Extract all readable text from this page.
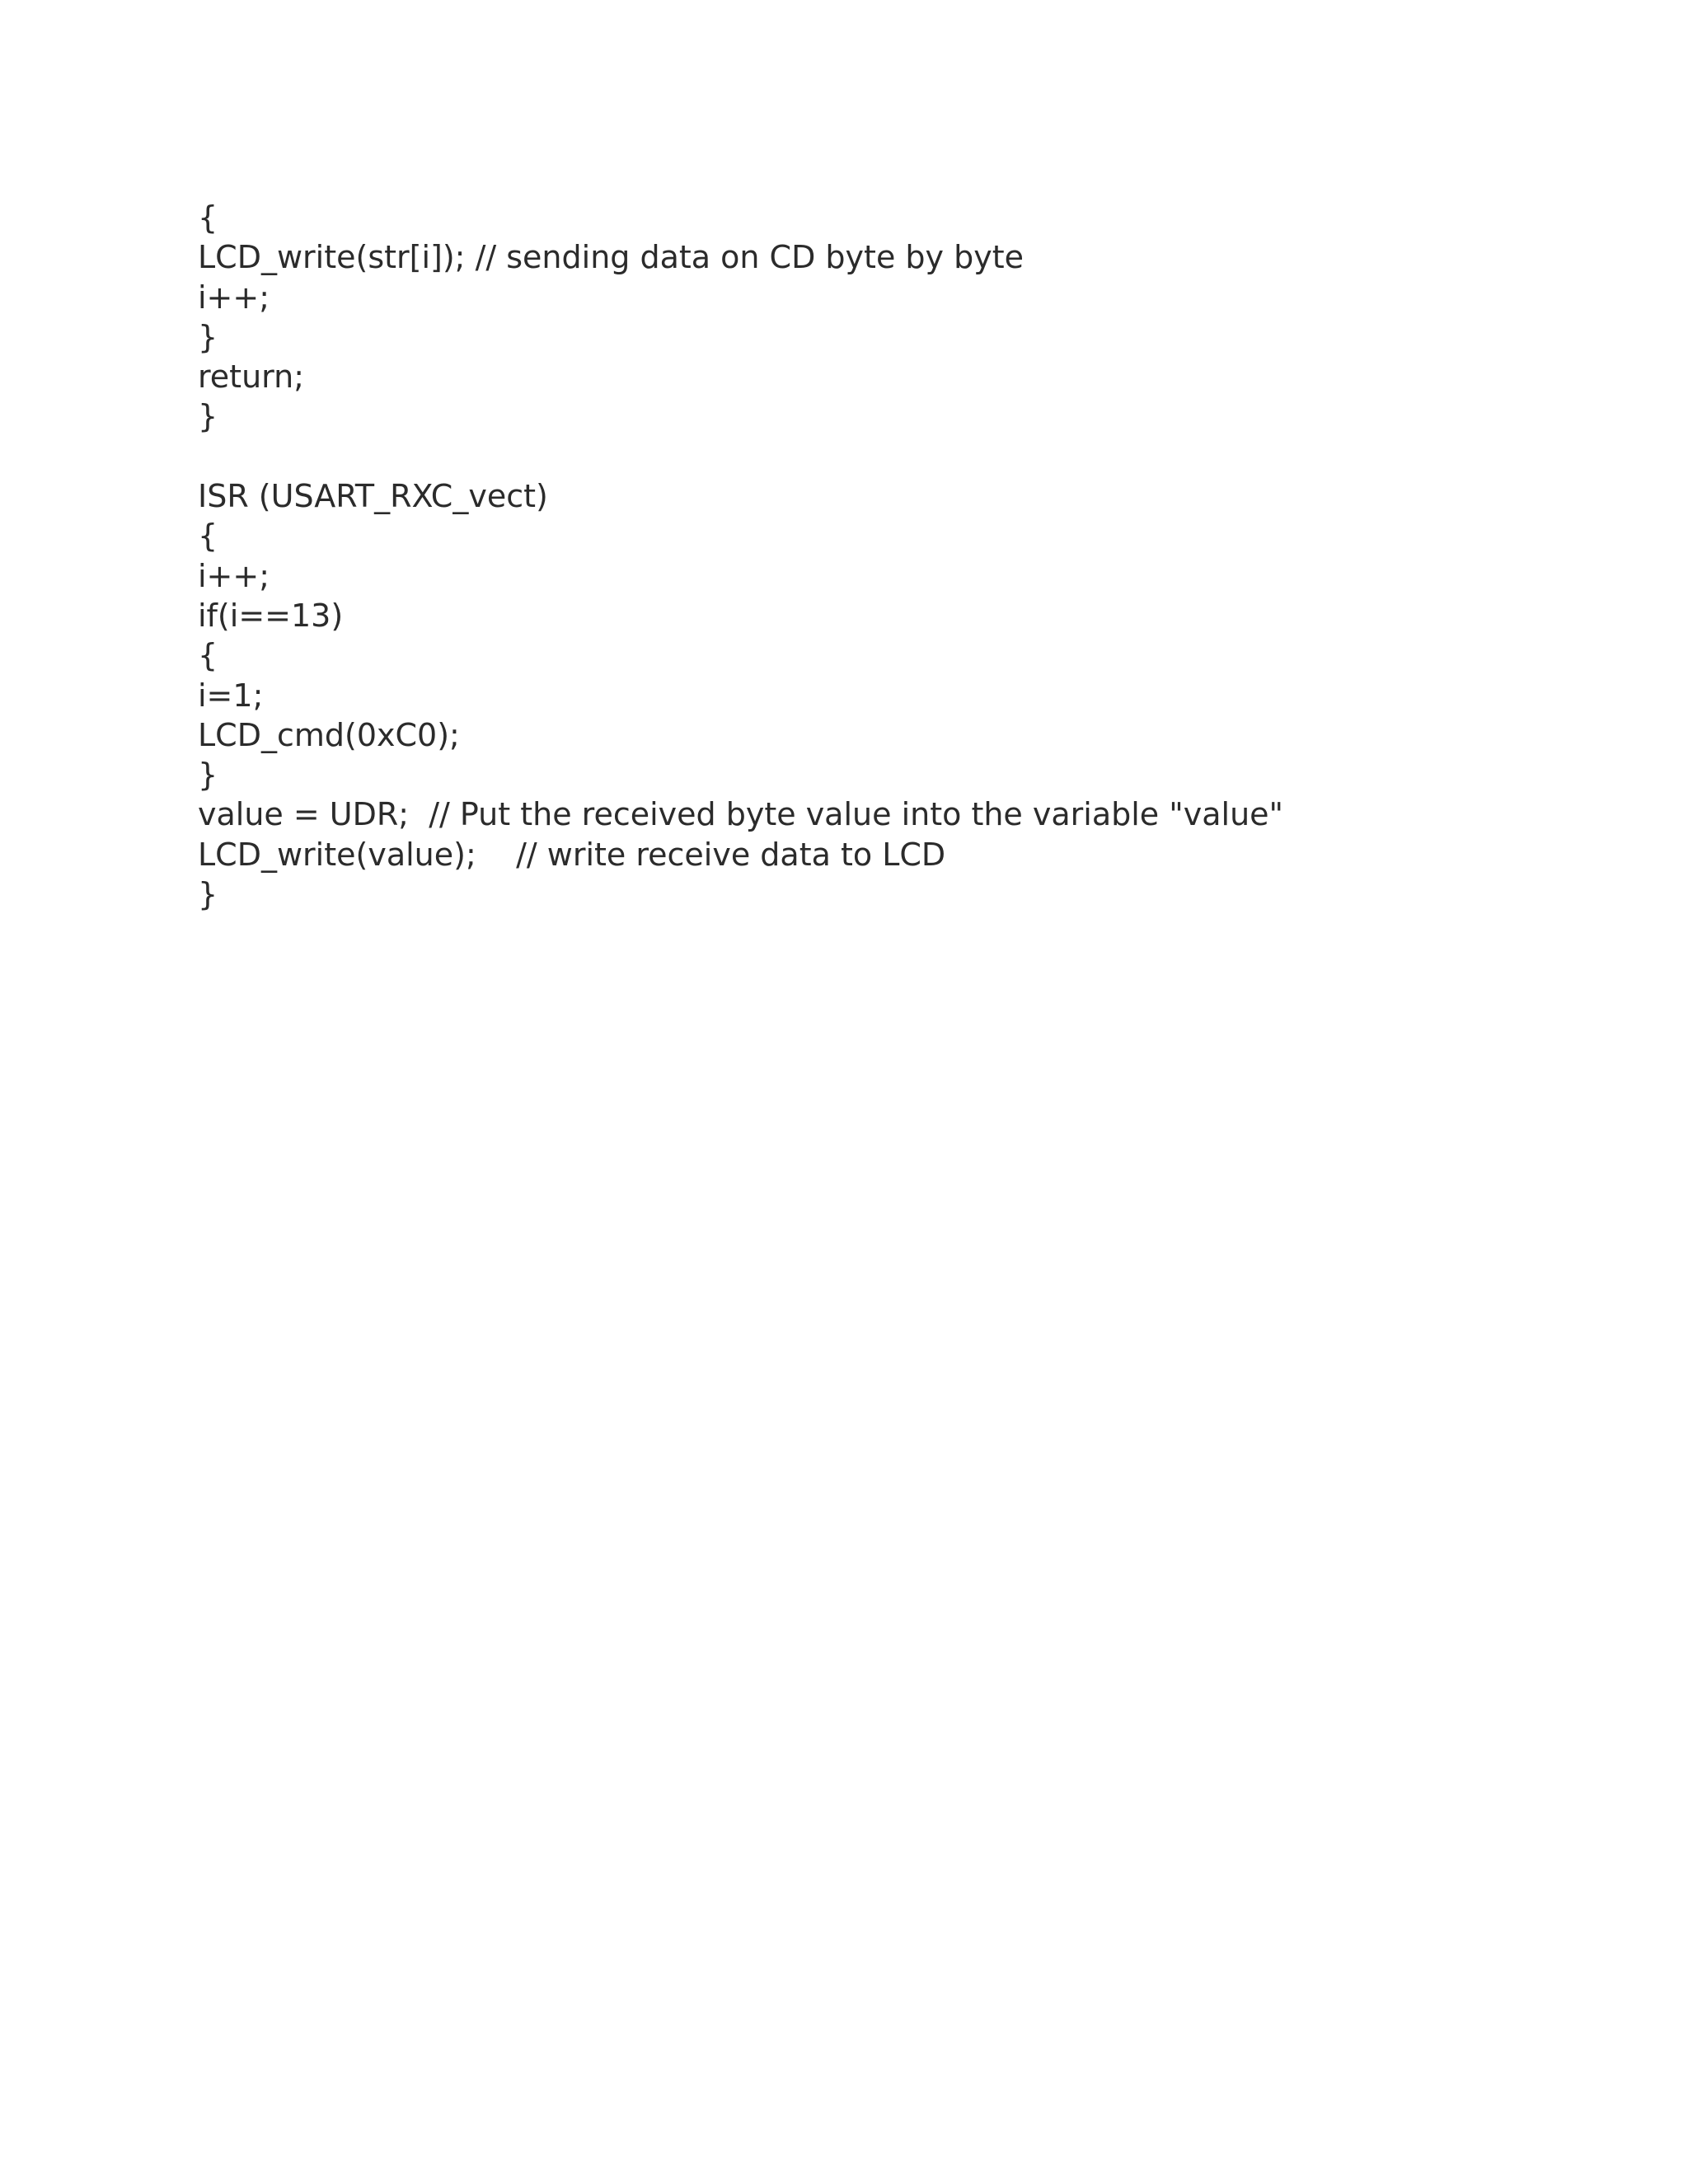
{
LCD_write(str[i]); // sending data on CD byte by byte
i++;
}
return;
}
ISR (USART_RXC_vect)
{
i++;
if(i==13)
{
i=1;
LCD_cmd(0xC0);
}
value = UDR;  // Put the received byte value into the variable "value"
LCD_write(value);    // write receive data to LCD
}
